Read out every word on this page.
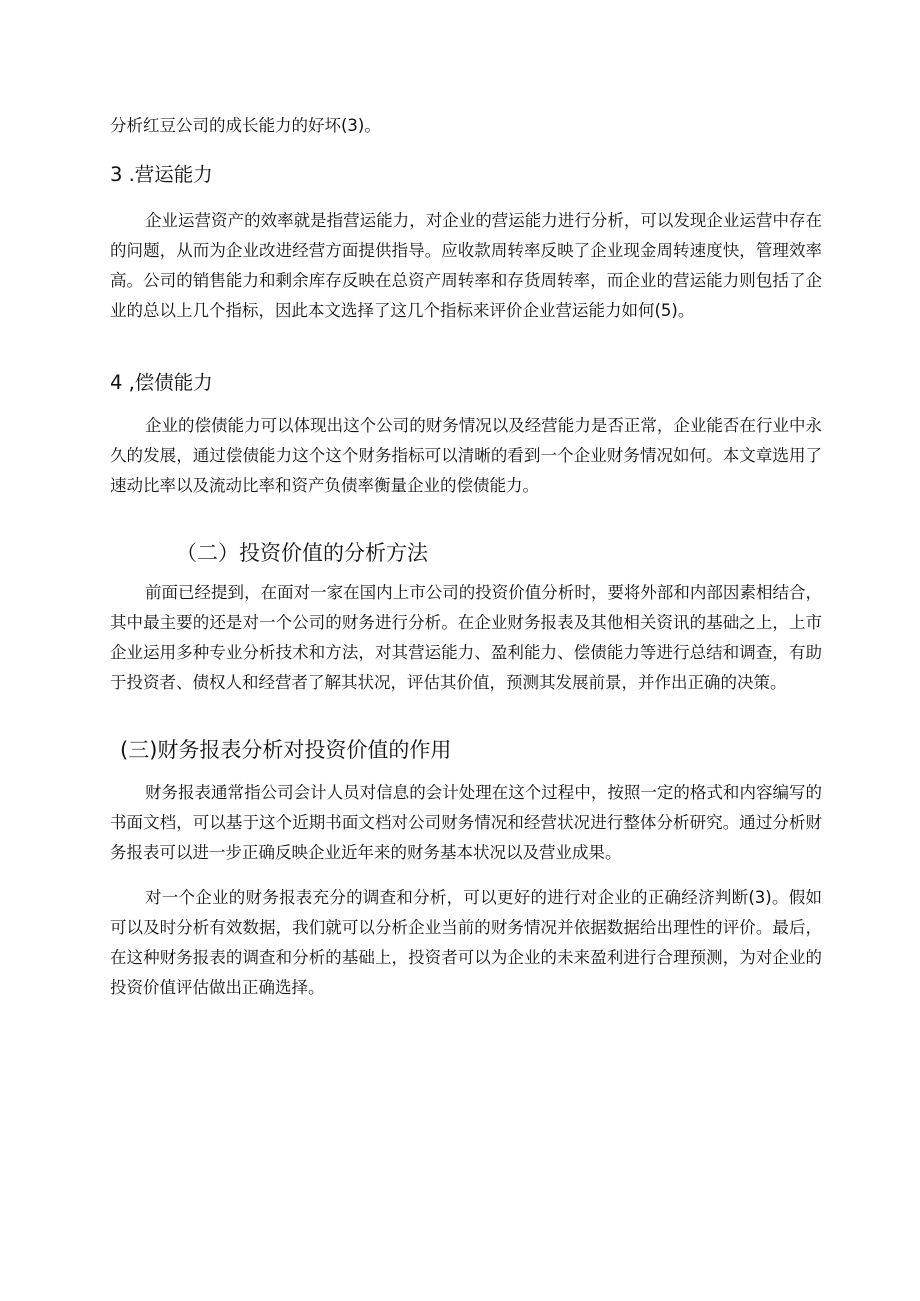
分析红豆公司的成长能力的好坏(3)。

3 .营运能力

企业运营资产的效率就是指营运能力，对企业的营运能力进行分析，可以发现企业运营中存在的问题，从而为企业改进经营方面提供指导。应收款周转率反映了企业现金周转速度快，管理效率高。公司的销售能力和剩余库存反映在总资产周转率和存货周转率，而企业的营运能力则包括了企业的总以上几个指标，因此本文选择了这几个指标来评价企业营运能力如何(5)。

4 ,偿债能力

企业的偿债能力可以体现出这个公司的财务情况以及经营能力是否正常，企业能否在行业中永久的发展，通过偿债能力这个这个财务指标可以清晰的看到一个企业财务情况如何。本文章选用了速动比率以及流动比率和资产负债率衡量企业的偿债能力。

（二）投资价值的分析方法

前面已经提到，在面对一家在国内上市公司的投资价值分析时，要将外部和内部因素相结合，其中最主要的还是对一个公司的财务进行分析。在企业财务报表及其他相关资讯的基础之上，上市企业运用多种专业分析技术和方法，对其营运能力、盈利能力、偿债能力等进行总结和调查，有助于投资者、债权人和经营者了解其状况，评估其价值，预测其发展前景，并作出正确的决策。

(三)财务报表分析对投资价值的作用

财务报表通常指公司会计人员对信息的会计处理在这个过程中，按照一定的格式和内容编写的书面文档，可以基于这个近期书面文档对公司财务情况和经营状况进行整体分析研究。通过分析财务报表可以进一步正确反映企业近年来的财务基本状况以及营业成果。

对一个企业的财务报表充分的调查和分析，可以更好的进行对企业的正确经济判断(3)。假如可以及时分析有效数据，我们就可以分析企业当前的财务情况并依据数据给出理性的评价。最后，在这种财务报表的调查和分析的基础上，投资者可以为企业的未来盈利进行合理预测，为对企业的投资价值评估做出正确选择。
